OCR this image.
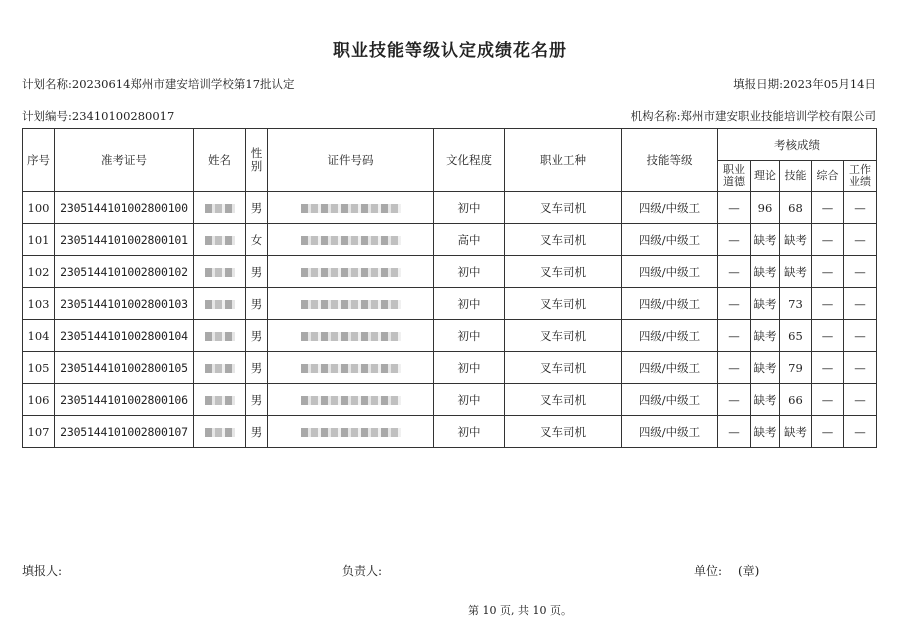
职业技能等级认定成绩花名册
计划名称:20230614郑州市建安培训学校第17批认定	填报日期:2023年05月14日
计划编号:23410100280017	机构名称:郑州市建安职业技能培训学校有限公司
序号	准考证号	姓名	性别	证件号码	文化程度	职业工种	技能等级	考核成绩				
								职业道德	理论	技能	综合	工作业绩
100	2305144101002800100		男		初中	叉车司机	四级/中级工	—	96	68	—	—
101	2305144101002800101		女		高中	叉车司机	四级/中级工	—	缺考	缺考	—	—
102	2305144101002800102		男		初中	叉车司机	四级/中级工	—	缺考	缺考	—	—
103	2305144101002800103		男		初中	叉车司机	四级/中级工	—	缺考	73	—	—
104	2305144101002800104		男		初中	叉车司机	四级/中级工	—	缺考	65	—	—
105	2305144101002800105		男		初中	叉车司机	四级/中级工	—	缺考	79	—	—
106	2305144101002800106		男		初中	叉车司机	四级/中级工	—	缺考	66	—	—
107	2305144101002800107		男		初中	叉车司机	四级/中级工	—	缺考	缺考	—	—
填报人:	负责人:	单位: (章)
第 10 页, 共 10 页。
